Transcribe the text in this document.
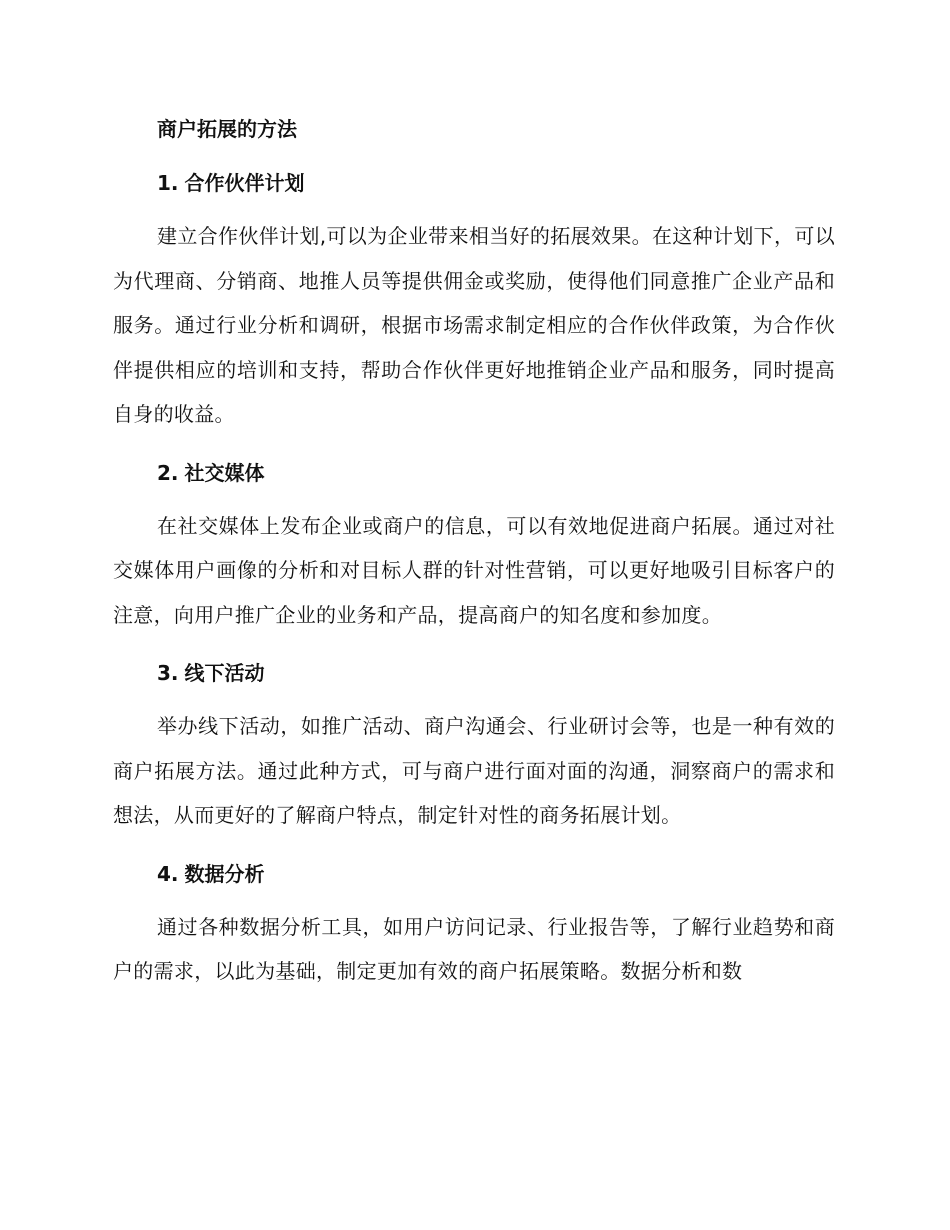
商户拓展的方法
1. 合作伙伴计划

建立合作伙伴计划,可以为企业带来相当好的拓展效果。在这种计划下，可以为代理商、分销商、地推人员等提供佣金或奖励，使得他们同意推广企业产品和服务。通过行业分析和调研，根据市场需求制定相应的合作伙伴政策，为合作伙伴提供相应的培训和支持，帮助合作伙伴更好地推销企业产品和服务，同时提高自身的收益。

2. 社交媒体

在社交媒体上发布企业或商户的信息，可以有效地促进商户拓展。通过对社交媒体用户画像的分析和对目标人群的针对性营销，可以更好地吸引目标客户的注意，向用户推广企业的业务和产品，提高商户的知名度和参加度。

3. 线下活动

举办线下活动，如推广活动、商户沟通会、行业研讨会等，也是一种有效的商户拓展方法。通过此种方式，可与商户进行面对面的沟通，洞察商户的需求和想法，从而更好的了解商户特点，制定针对性的商务拓展计划。

4. 数据分析

通过各种数据分析工具，如用户访问记录、行业报告等，了解行业趋势和商户的需求，以此为基础，制定更加有效的商户拓展策略。数据分析和数
